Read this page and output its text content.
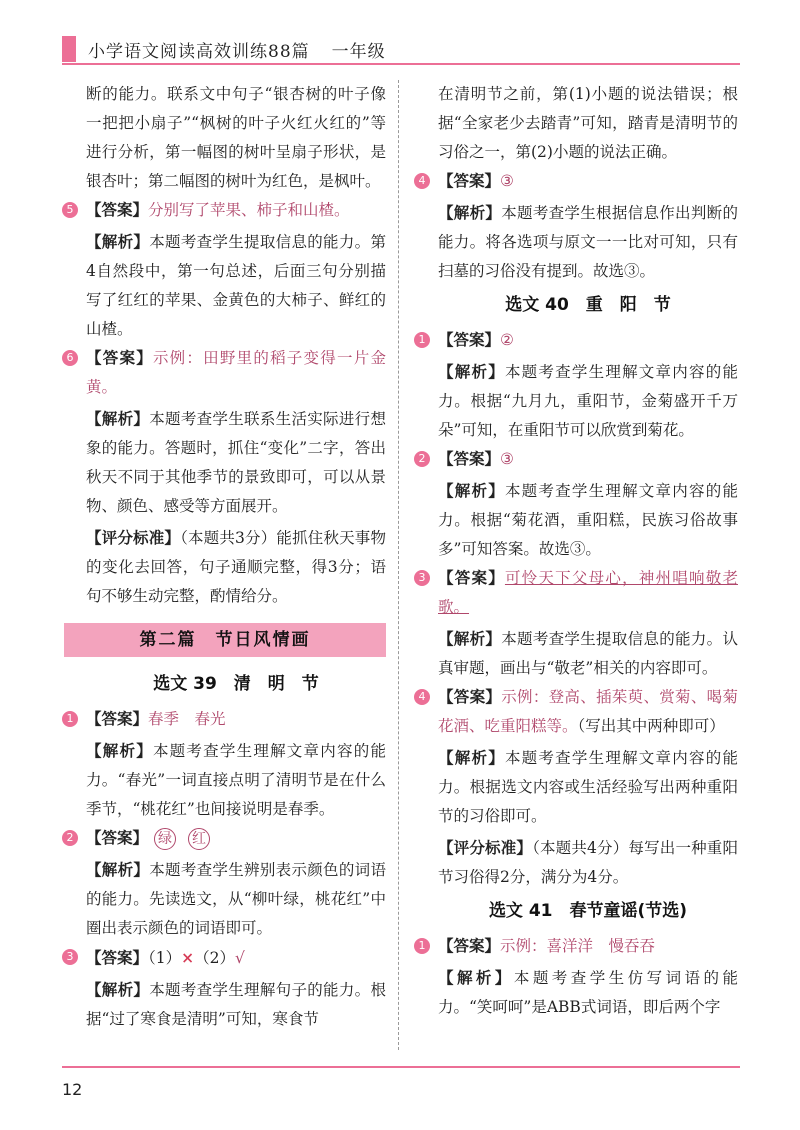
小学语文阅读高效训练88篇 一年级
断的能力。联系文中句子“银杏树的叶子像一把把小扇子”“枫树的叶子火红火红的”等进行分析，第一幅图的树叶呈扇子形状，是银杏叶；第二幅图的树叶为红色，是枫叶。
5 【答案】分别写了苹果、柿子和山楂。
【解析】本题考查学生提取信息的能力。第4自然段中，第一句总述，后面三句分别描写了红红的苹果、金黄色的大柿子、鲜红的山楂。
6 【答案】示例：田野里的稻子变得一片金黄。
【解析】本题考查学生联系生活实际进行想象的能力。答题时，抓住“变化”二字，答出秋天不同于其他季节的景致即可，可以从景物、颜色、感受等方面展开。
【评分标准】（本题共3分）能抓住秋天事物的变化去回答，句子通顺完整，得3分；语句不够生动完整，酌情给分。
第二篇　节日风情画
选文 39　清　明　节
1 【答案】春季　春光
【解析】本题考查学生理解文章内容的能力。“春光”一词直接点明了清明节是在什么季节，“桃花红”也间接说明是春季。
2 【答案】 绿 红
【解析】本题考查学生辨别表示颜色的词语的能力。先读选文，从“柳叶绿，桃花红”中圈出表示颜色的词语即可。
3 【答案】（1）×（2）√
【解析】本题考查学生理解句子的能力。根据“过了寒食是清明”可知，寒食节
在清明节之前，第(1)小题的说法错误；根据“全家老少去踏青”可知，踏青是清明节的习俗之一，第(2)小题的说法正确。
4 【答案】③
【解析】本题考查学生根据信息作出判断的能力。将各选项与原文一一比对可知，只有扫墓的习俗没有提到。故选③。
选文 40　重　阳　节
1 【答案】②
【解析】本题考查学生理解文章内容的能力。根据“九月九，重阳节，金菊盛开千万朵”可知，在重阳节可以欣赏到菊花。
2 【答案】③
【解析】本题考查学生理解文章内容的能力。根据“菊花酒，重阳糕，民族习俗故事多”可知答案。故选③。
3 【答案】可怜天下父母心，神州唱响敬老歌。
【解析】本题考查学生提取信息的能力。认真审题，画出与“敬老”相关的内容即可。
4 【答案】示例：登高、插茱萸、赏菊、喝菊花酒、吃重阳糕等。（写出其中两种即可）
【解析】本题考查学生理解文章内容的能力。根据选文内容或生活经验写出两种重阳节的习俗即可。
【评分标准】（本题共4分）每写出一种重阳节习俗得2分，满分为4分。
选文 41　春节童谣(节选)
1 【答案】示例：喜洋洋　慢吞吞
【解析】本题考查学生仿写词语的能力。“笑呵呵”是ABB式词语，即后两个字
12
